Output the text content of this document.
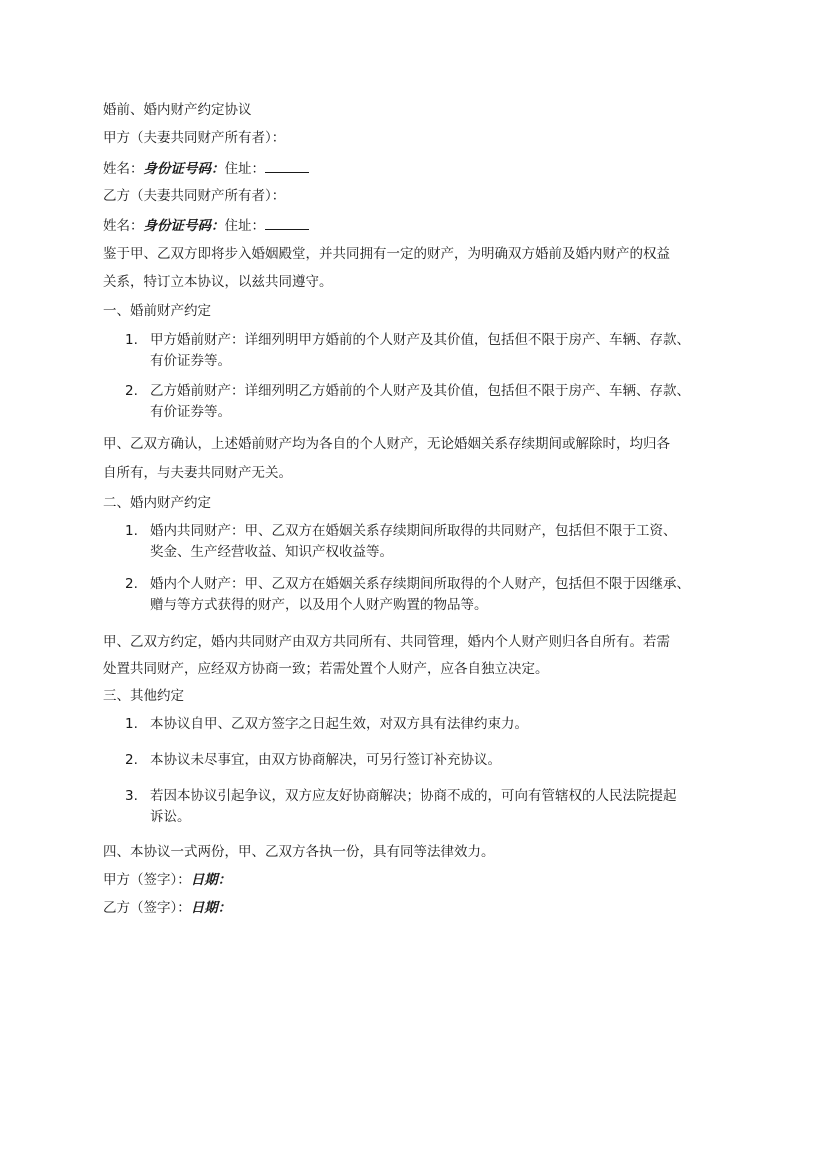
婚前、婚内财产约定协议
甲方（夫妻共同财产所有者）：
姓名：身份证号码：住址：
乙方（夫妻共同财产所有者）：
姓名：身份证号码：住址：
鉴于甲、乙双方即将步入婚姻殿堂，并共同拥有一定的财产，为明确双方婚前及婚内财产的权益
关系，特订立本协议，以兹共同遵守。
一、婚前财产约定
1. 甲方婚前财产：详细列明甲方婚前的个人财产及其价值，包括但不限于房产、车辆、存款、
有价证券等。
2. 乙方婚前财产：详细列明乙方婚前的个人财产及其价值，包括但不限于房产、车辆、存款、
有价证券等。
甲、乙双方确认，上述婚前财产均为各自的个人财产，无论婚姻关系存续期间或解除时，均归各
自所有，与夫妻共同财产无关。
二、婚内财产约定
1. 婚内共同财产：甲、乙双方在婚姻关系存续期间所取得的共同财产，包括但不限于工资、
奖金、生产经营收益、知识产权收益等。
2. 婚内个人财产：甲、乙双方在婚姻关系存续期间所取得的个人财产，包括但不限于因继承、
赠与等方式获得的财产，以及用个人财产购置的物品等。
甲、乙双方约定，婚内共同财产由双方共同所有、共同管理，婚内个人财产则归各自所有。若需
处置共同财产，应经双方协商一致；若需处置个人财产，应各自独立决定。
三、其他约定
1. 本协议自甲、乙双方签字之日起生效，对双方具有法律约束力。
2. 本协议未尽事宜，由双方协商解决，可另行签订补充协议。
3. 若因本协议引起争议，双方应友好协商解决；协商不成的，可向有管辖权的人民法院提起
诉讼。
四、本协议一式两份，甲、乙双方各执一份，具有同等法律效力。
甲方（签字）：日期：
乙方（签字）：日期：
